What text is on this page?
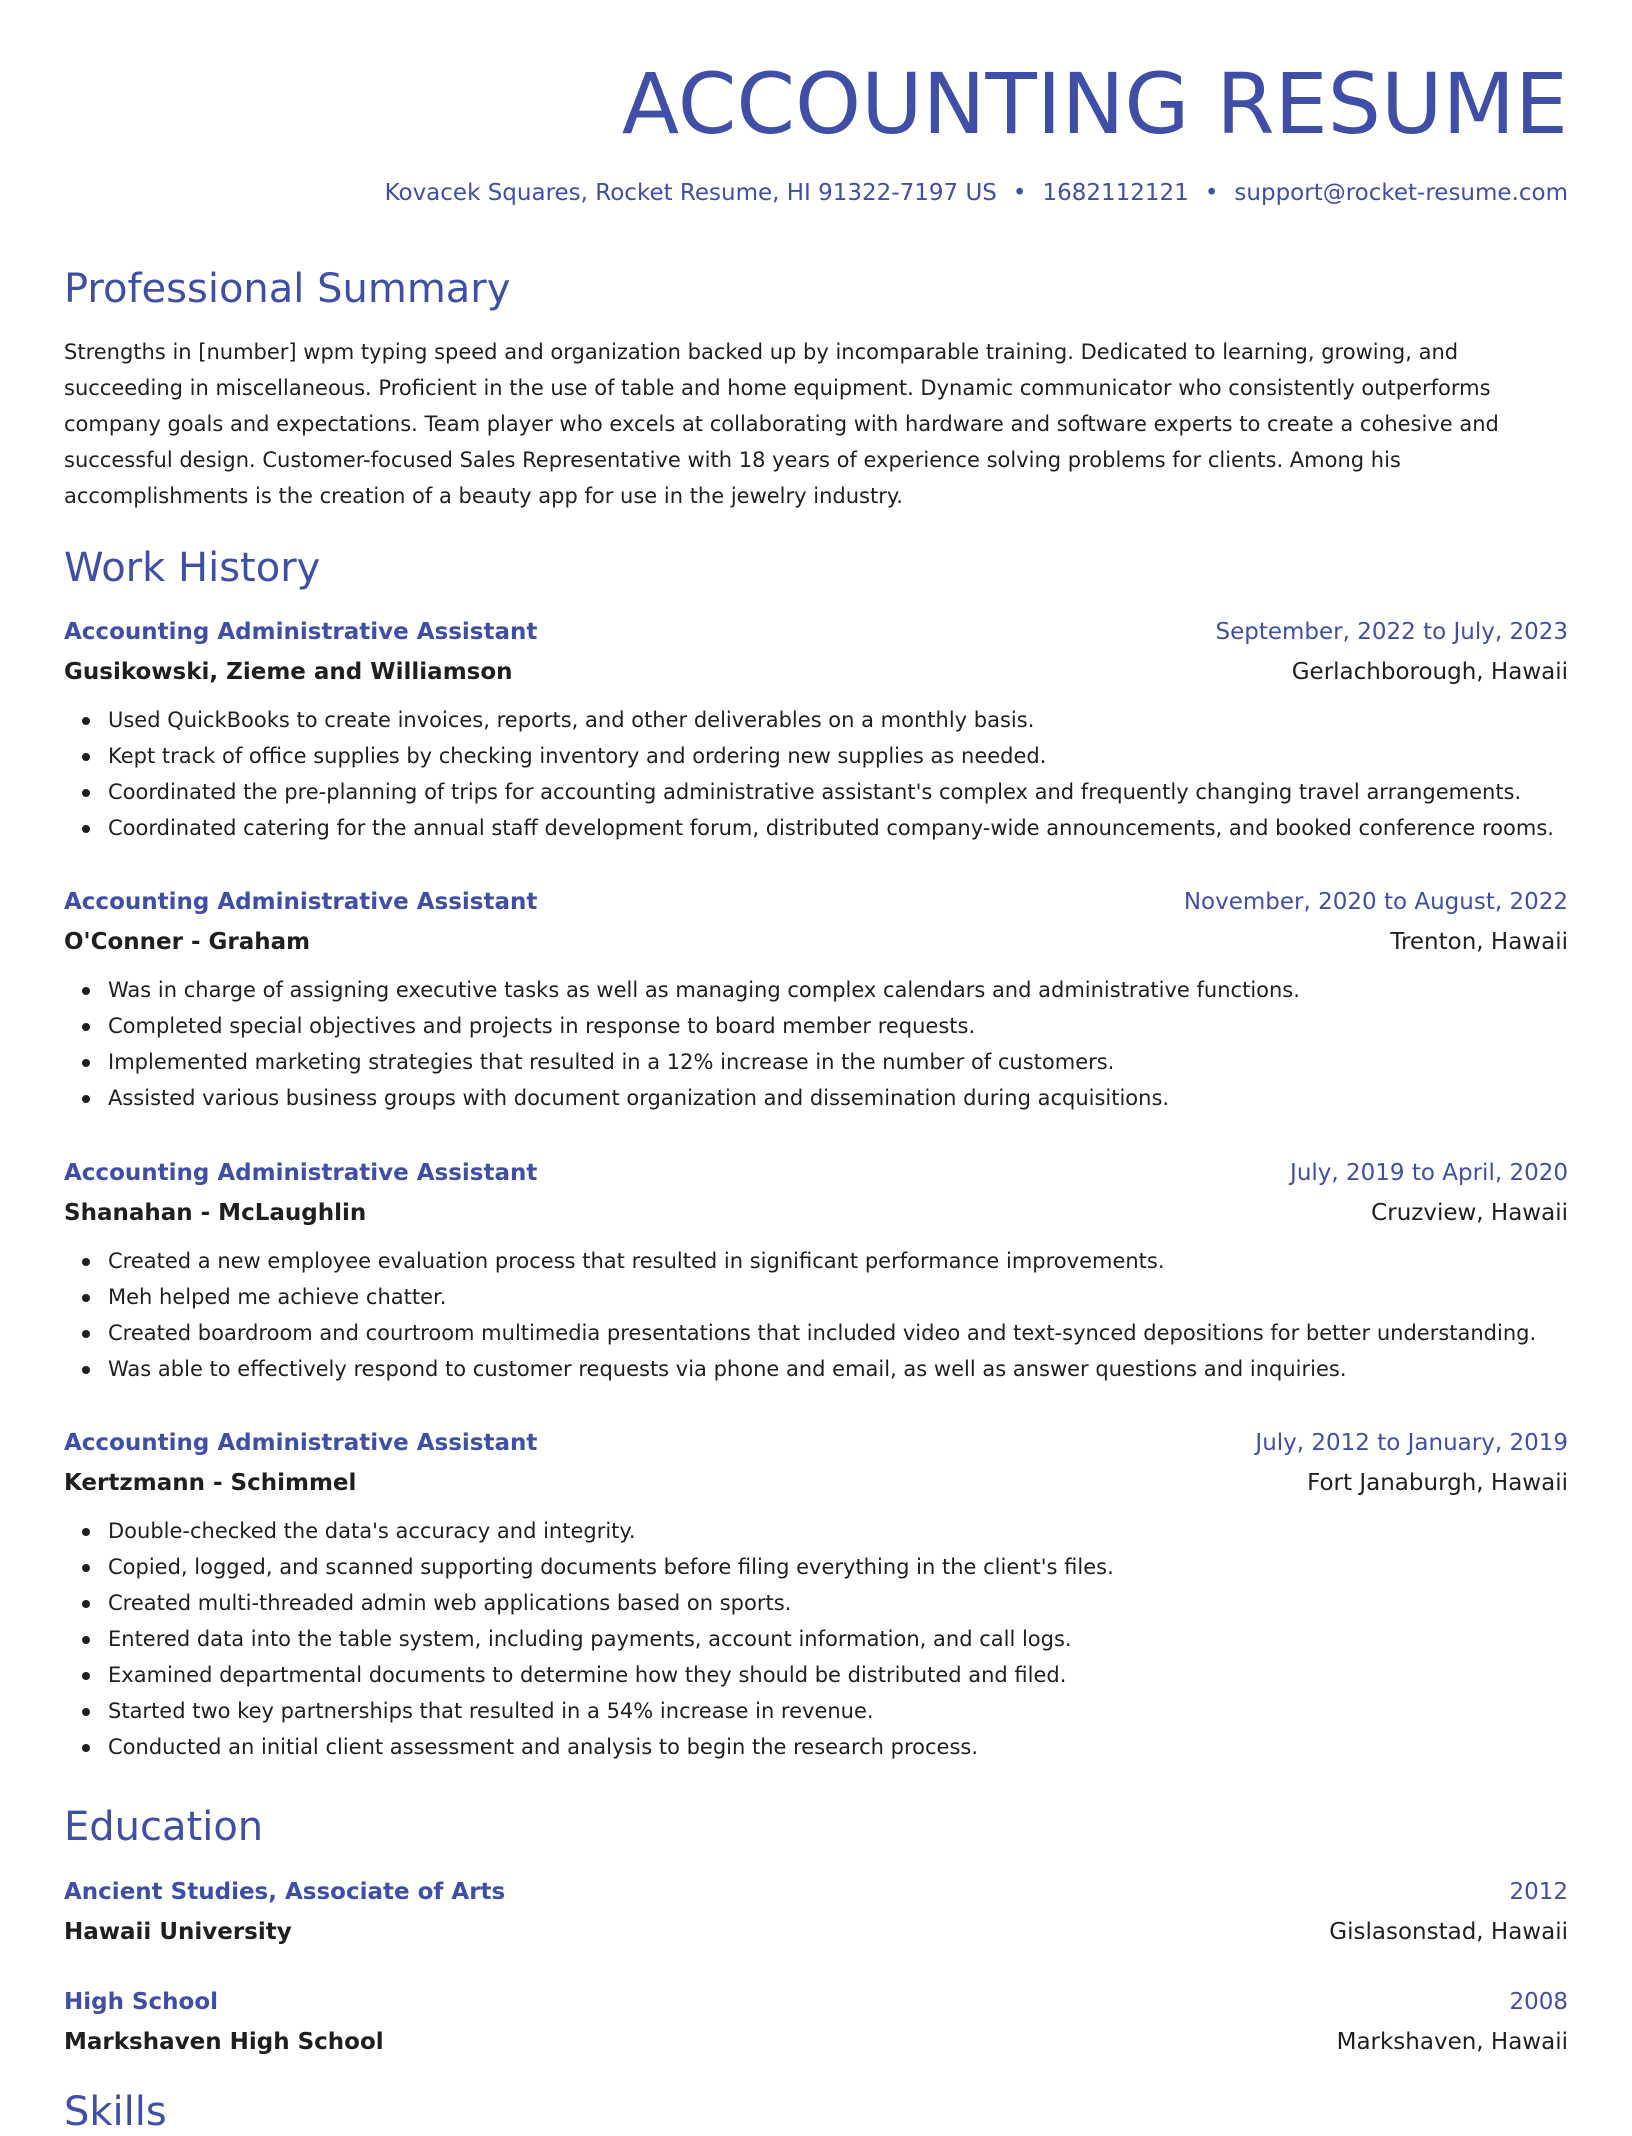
ACCOUNTING RESUME
Kovacek Squares, Rocket Resume, HI 91322-7197 US • 1682112121 • support@rocket-resume.com
Professional Summary
Strengths in [number] wpm typing speed and organization backed up by incomparable training. Dedicated to learning, growing, and succeeding in miscellaneous. Proficient in the use of table and home equipment. Dynamic communicator who consistently outperforms company goals and expectations. Team player who excels at collaborating with hardware and software experts to create a cohesive and successful design. Customer-focused Sales Representative with 18 years of experience solving problems for clients. Among his accomplishments is the creation of a beauty app for use in the jewelry industry.
Work History
Accounting Administrative Assistant	September, 2022 to July, 2023
Gusikowski, Zieme and Williamson	Gerlachborough, Hawaii
Used QuickBooks to create invoices, reports, and other deliverables on a monthly basis.
Kept track of office supplies by checking inventory and ordering new supplies as needed.
Coordinated the pre-planning of trips for accounting administrative assistant's complex and frequently changing travel arrangements.
Coordinated catering for the annual staff development forum, distributed company-wide announcements, and booked conference rooms.
Accounting Administrative Assistant	November, 2020 to August, 2022
O'Conner - Graham	Trenton, Hawaii
Was in charge of assigning executive tasks as well as managing complex calendars and administrative functions.
Completed special objectives and projects in response to board member requests.
Implemented marketing strategies that resulted in a 12% increase in the number of customers.
Assisted various business groups with document organization and dissemination during acquisitions.
Accounting Administrative Assistant	July, 2019 to April, 2020
Shanahan - McLaughlin	Cruzview, Hawaii
Created a new employee evaluation process that resulted in significant performance improvements.
Meh helped me achieve chatter.
Created boardroom and courtroom multimedia presentations that included video and text-synced depositions for better understanding.
Was able to effectively respond to customer requests via phone and email, as well as answer questions and inquiries.
Accounting Administrative Assistant	July, 2012 to January, 2019
Kertzmann - Schimmel	Fort Janaburgh, Hawaii
Double-checked the data's accuracy and integrity.
Copied, logged, and scanned supporting documents before filing everything in the client's files.
Created multi-threaded admin web applications based on sports.
Entered data into the table system, including payments, account information, and call logs.
Examined departmental documents to determine how they should be distributed and filed.
Started two key partnerships that resulted in a 54% increase in revenue.
Conducted an initial client assessment and analysis to begin the research process.
Education
Ancient Studies, Associate of Arts	2012
Hawaii University	Gislasonstad, Hawaii
High School	2008
Markshaven High School	Markshaven, Hawaii
Skills
